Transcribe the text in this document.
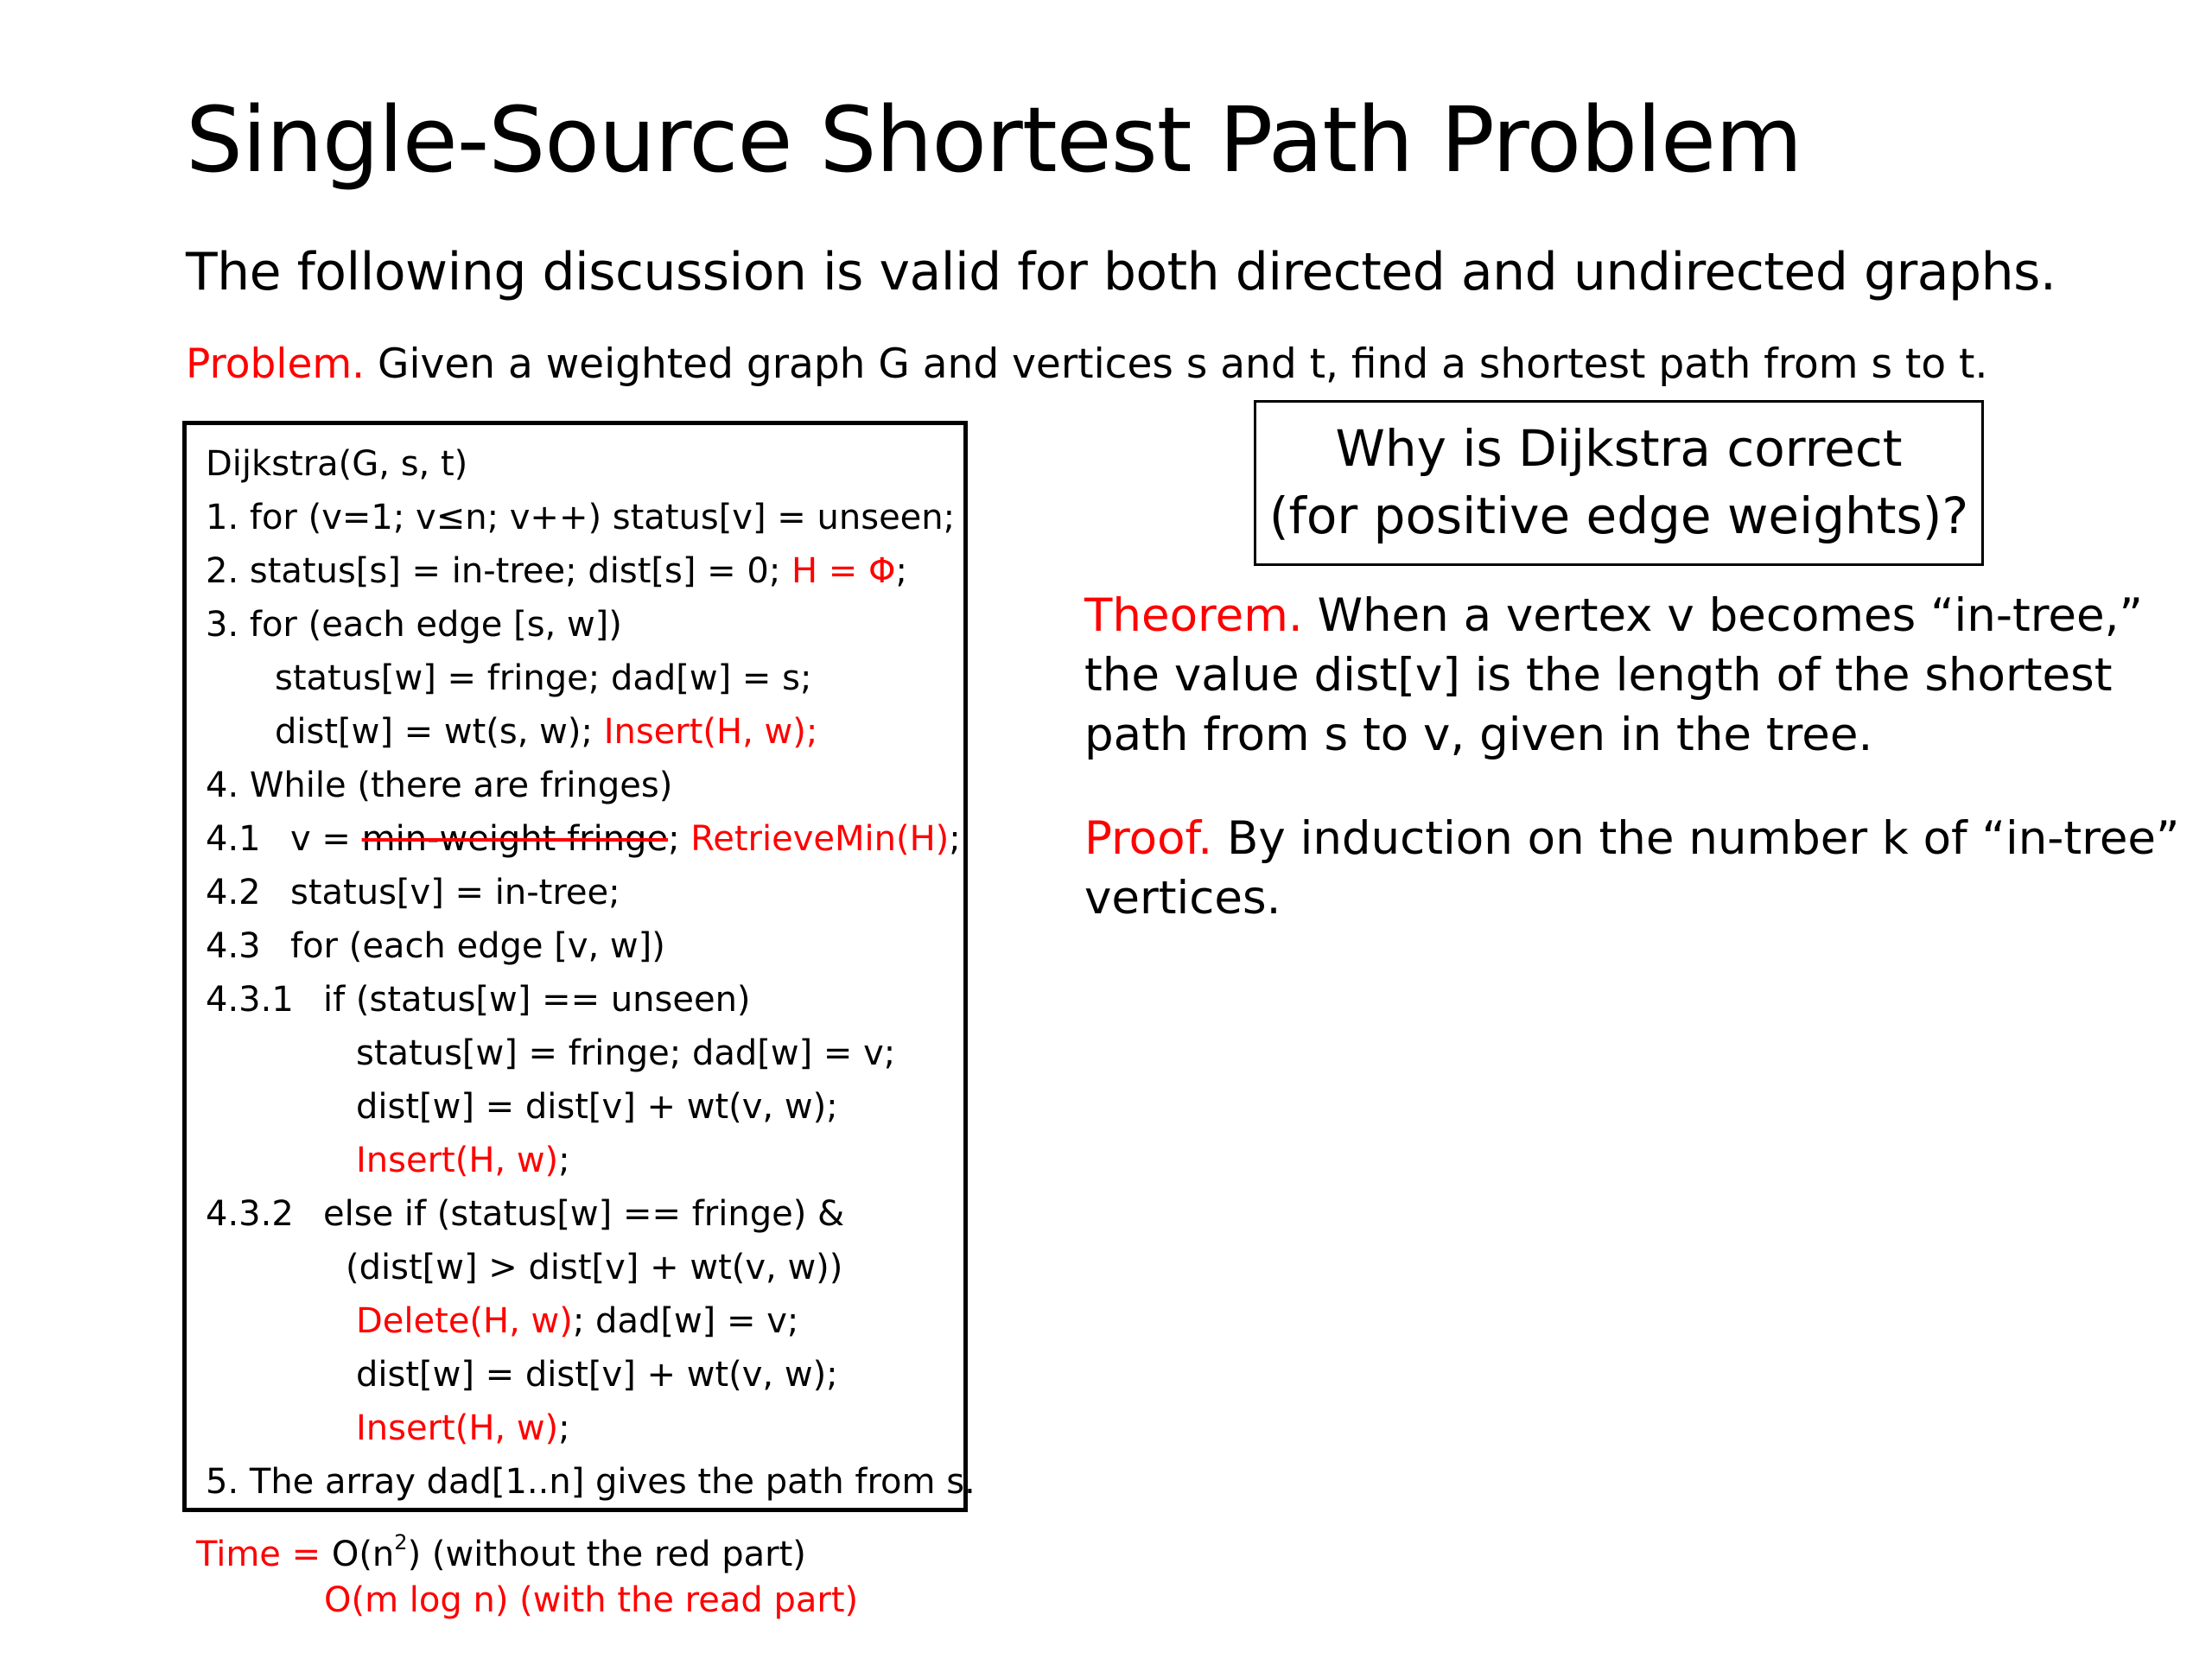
Single-Source Shortest Path Problem
The following discussion is valid for both directed and undirected graphs.
Problem. Given a weighted graph G and vertices s and t, find a shortest path from s to t.
Dijkstra(G, s, t)
1. for (v=1; v≤n; v++) status[v] = unseen;
2. status[s] = in-tree; dist[s] = 0; H = Φ;
3. for (each edge [s, w])
status[w] = fringe; dad[w] = s;
dist[w] = wt(s, w); Insert(H, w);
4. While (there are fringes)
4.1 v = min-weight fringe; RetrieveMin(H);
4.2 status[v] = in-tree;
4.3 for (each edge [v, w])
4.3.1 if (status[w] == unseen)
status[w] = fringe; dad[w] = v;
dist[w] = dist[v] + wt(v, w);
Insert(H, w);
4.3.2 else if (status[w] == fringe) &
(dist[w] > dist[v] + wt(v, w))
Delete(H, w); dad[w] = v;
dist[w] = dist[v] + wt(v, w);
Insert(H, w);
5. The array dad[1..n] gives the path from s.
Time = $O(n^2)$ (without the red part)
O(m log n) (with the read part)
Why is Dijkstra correct
(for positive edge weights)?
Theorem. When a vertex v becomes “in-tree,” the value dist[v] is the length of the shortest path from s to v, given in the tree.
Proof. By induction on the number k of “in-tree” vertices.
